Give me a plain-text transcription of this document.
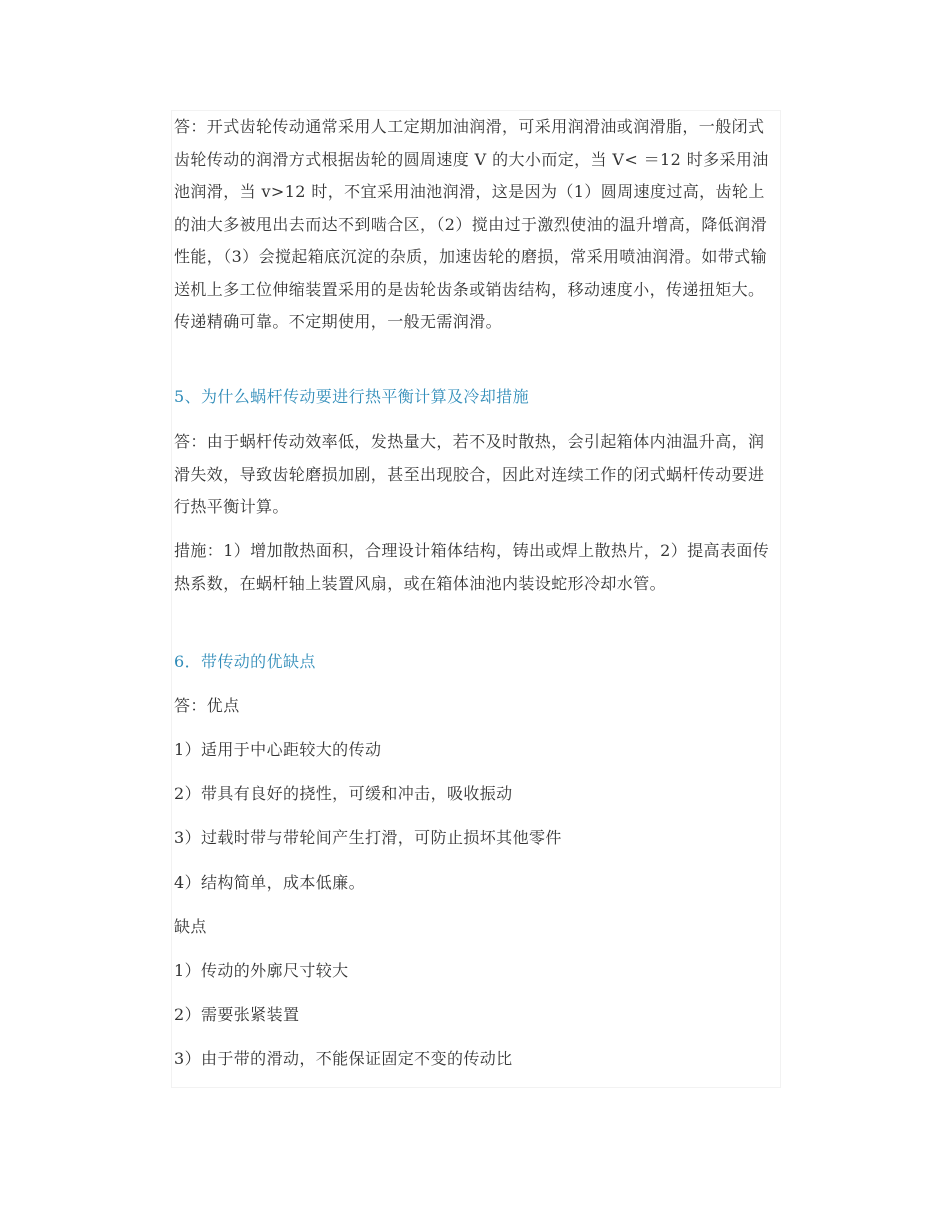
答：开式齿轮传动通常采用人工定期加油润滑，可采用润滑油或润滑脂，一般闭式齿轮传动的润滑方式根据齿轮的圆周速度 V 的大小而定，当 V< ＝12 时多采用油池润滑，当 v>12 时，不宜采用油池润滑，这是因为（1）圆周速度过高，齿轮上的油大多被甩出去而达不到啮合区，（2）搅由过于激烈使油的温升增高，降低润滑性能，（3）会搅起箱底沉淀的杂质，加速齿轮的磨损，常采用喷油润滑。如带式输送机上多工位伸缩装置采用的是齿轮齿条或销齿结构，移动速度小，传递扭矩大。传递精确可靠。不定期使用，一般无需润滑。

5、为什么蜗杆传动要进行热平衡计算及冷却措施

答：由于蜗杆传动效率低，发热量大，若不及时散热，会引起箱体内油温升高，润滑失效，导致齿轮磨损加剧，甚至出现胶合，因此对连续工作的闭式蜗杆传动要进行热平衡计算。

措施：1）增加散热面积，合理设计箱体结构，铸出或焊上散热片，2）提高表面传热系数，在蜗杆轴上装置风扇，或在箱体油池内装设蛇形冷却水管。

6．带传动的优缺点

答：优点

1）适用于中心距较大的传动

2）带具有良好的挠性，可缓和冲击，吸收振动

3）过载时带与带轮间产生打滑，可防止损坏其他零件

4）结构简单，成本低廉。

缺点

1）传动的外廓尺寸较大

2）需要张紧装置

3）由于带的滑动，不能保证固定不变的传动比
